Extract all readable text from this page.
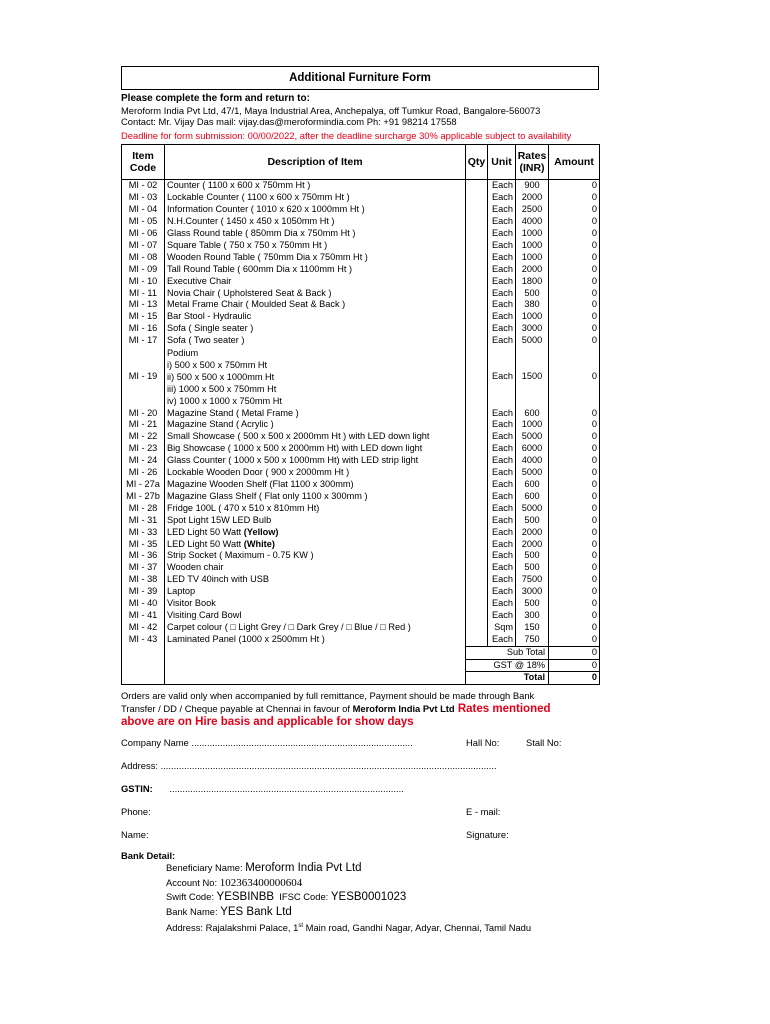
Additional Furniture Form
Please complete the form and return to:
Meroform India Pvt Ltd, 47/1, Maya Industrial Area, Anchepalya, off Tumkur Road, Bangalore-560073
Contact: Mr. Vijay Das mail: vijay.das@meroformindia.com Ph: +91 98214 17558
Deadline for form submission: 00/00/2022, after the deadline surcharge 30% applicable subject to availability
Item Code	Description of Item	Qty	Unit	Rates (INR)	Amount
MI - 02	Counter ( 1100 x 600 x 750mm Ht )		Each	900	0
MI - 03	Lockable Counter ( 1100 x 600 x 750mm Ht )		Each	2000	0
MI - 04	Information Counter ( 1010 x 620 x 1000mm Ht )		Each	2500	0
MI - 05	N.H.Counter ( 1450 x 450 x 1050mm Ht )		Each	4000	0
MI - 06	Glass Round table ( 850mm Dia x 750mm Ht )		Each	1000	0
MI - 07	Square Table ( 750 x 750 x 750mm Ht )		Each	1000	0
MI - 08	Wooden Round Table ( 750mm Dia x 750mm Ht )		Each	1000	0
MI - 09	Tall Round Table ( 600mm Dia x 1100mm Ht )		Each	2000	0
MI - 10	Executive Chair		Each	1800	0
MI - 11	Novia Chair ( Upholstered Seat & Back )		Each	500	0
MI - 13	Metal Frame Chair ( Moulded Seat & Back )		Each	380	0
MI - 15	Bar Stool - Hydraulic		Each	1000	0
MI - 16	Sofa ( Single seater )		Each	3000	0
MI - 17	Sofa ( Two seater )		Each	5000	0
MI - 19	Podium
i) 500 x 500 x 750mm Ht
ii) 500 x 500 x 1000mm Ht
iii) 1000 x 500 x 750mm Ht
iv) 1000 x 1000 x 750mm Ht		Each	1500	0
MI - 20	Magazine Stand ( Metal Frame )		Each	600	0
MI - 21	Magazine Stand ( Acrylic )		Each	1000	0
MI - 22	Small Showcase ( 500 x 500 x 2000mm Ht ) with LED down light		Each	5000	0
MI - 23	Big Showcase ( 1000 x 500 x 2000mm Ht) with LED down light		Each	6000	0
MI - 24	Glass Counter ( 1000 x 500 x 1000mm Ht) with LED strip light		Each	4000	0
MI - 26	Lockable Wooden Door ( 900 x 2000mm Ht )		Each	5000	0
MI - 27a	Magazine Wooden Shelf (Flat 1100 x 300mm)		Each	600	0
MI - 27b	Magazine Glass Shelf ( Flat only 1100 x 300mm )		Each	600	0
MI - 28	Fridge 100L ( 470 x 510 x 810mm Ht)		Each	5000	0
MI - 31	Spot Light 15W LED Bulb		Each	500	0
MI - 33	LED Light 50 Watt (Yellow)		Each	2000	0
MI - 35	LED Light 50 Watt (White)		Each	2000	0
MI - 36	Strip Socket ( Maximum - 0.75 KW )		Each	500	0
MI - 37	Wooden chair		Each	500	0
MI - 38	LED TV 40inch with USB		Each	7500	0
MI - 39	Laptop		Each	3000	0
MI - 40	Visitor Book		Each	500	0
MI - 41	Visiting Card Bowl		Each	300	0
MI - 42	Carpet colour ( □ Light Grey / □ Dark Grey / □ Blue / □ Red )		Sqm	150	0
MI - 43	Laminated Panel (1000 x 2500mm Ht )		Each	750	0
		Sub Total			0
		GST @ 18%			0
		Total			0
Orders are valid only when accompanied by full remittance, Payment should be made through Bank
Transfer / DD / Cheque payable at Chennai in favour of Meroform India Pvt Ltd Rates mentioned
above are on Hire basis and applicable for show days
Company Name .....................................................................................	Hall No:	Stall No:
Address: .................................................................................................................................
GSTIN: ..........................................................................................
Phone:	E - mail:
Name:	Signature:
Bank Detail:
Beneficiary Name: Meroform India Pvt Ltd
Account No: 102363400000604
Swift Code: YESBINBB  IFSC Code: YESB0001023
Bank Name: YES Bank Ltd
Address: Rajalakshmi Palace, 1st Main road, Gandhi Nagar, Adyar, Chennai, Tamil Nadu
